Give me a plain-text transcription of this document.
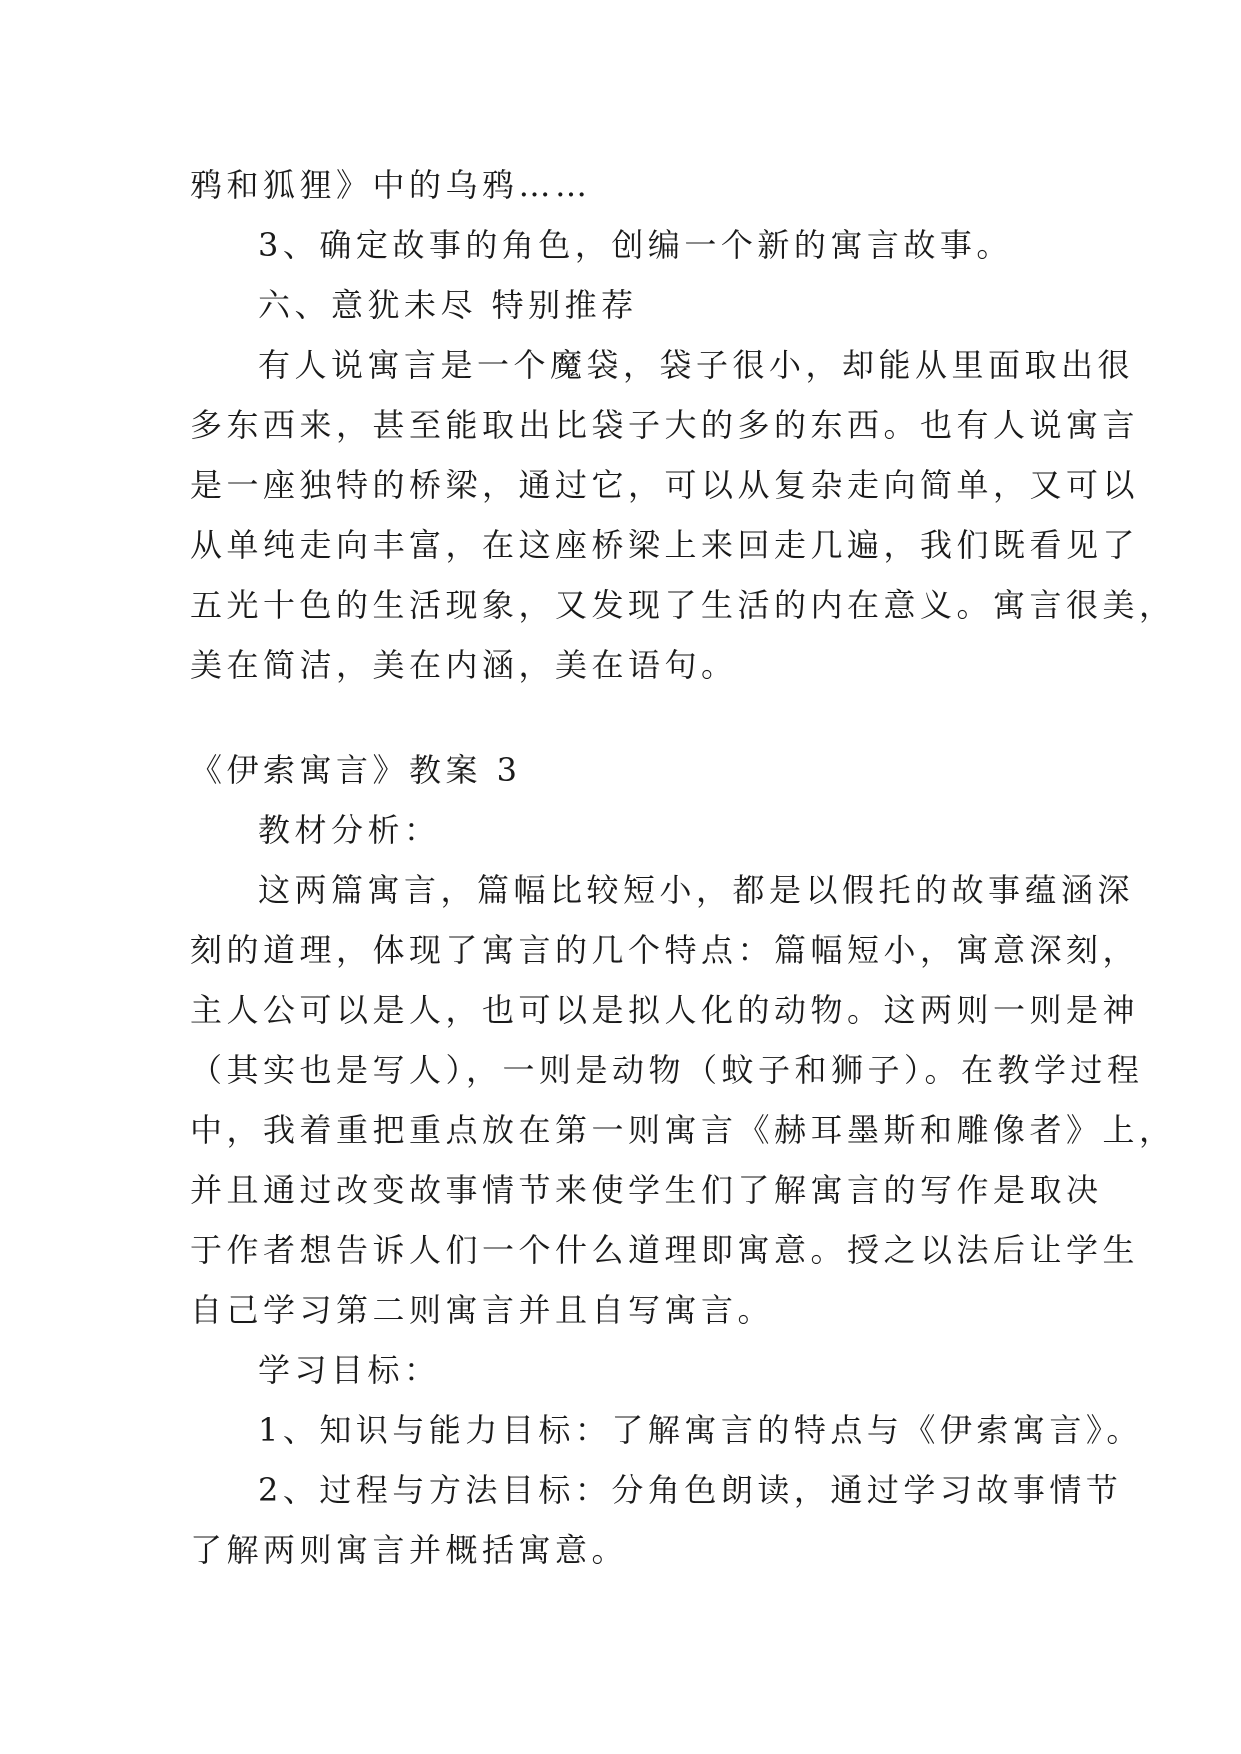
鸦和狐狸》中的乌鸦……
3、确定故事的角色，创编一个新的寓言故事。
六、意犹未尽 特别推荐
有人说寓言是一个魔袋，袋子很小，却能从里面取出很
多东西来，甚至能取出比袋子大的多的东西。也有人说寓言
是一座独特的桥梁，通过它，可以从复杂走向简单，又可以
从单纯走向丰富，在这座桥梁上来回走几遍，我们既看见了
五光十色的生活现象，又发现了生活的内在意义。寓言很美，
美在简洁，美在内涵，美在语句。
《伊索寓言》教案 3
教材分析：
这两篇寓言，篇幅比较短小，都是以假托的故事蕴涵深
刻的道理，体现了寓言的几个特点：篇幅短小，寓意深刻，
主人公可以是人，也可以是拟人化的动物。这两则一则是神
（其实也是写人），一则是动物（蚊子和狮子）。在教学过程
中，我着重把重点放在第一则寓言《赫耳墨斯和雕像者》上，
并且通过改变故事情节来使学生们了解寓言的写作是取决
于作者想告诉人们一个什么道理即寓意。授之以法后让学生
自己学习第二则寓言并且自写寓言。
学习目标：
1、知识与能力目标：了解寓言的特点与《伊索寓言》。
2、过程与方法目标：分角色朗读，通过学习故事情节
了解两则寓言并概括寓意。
